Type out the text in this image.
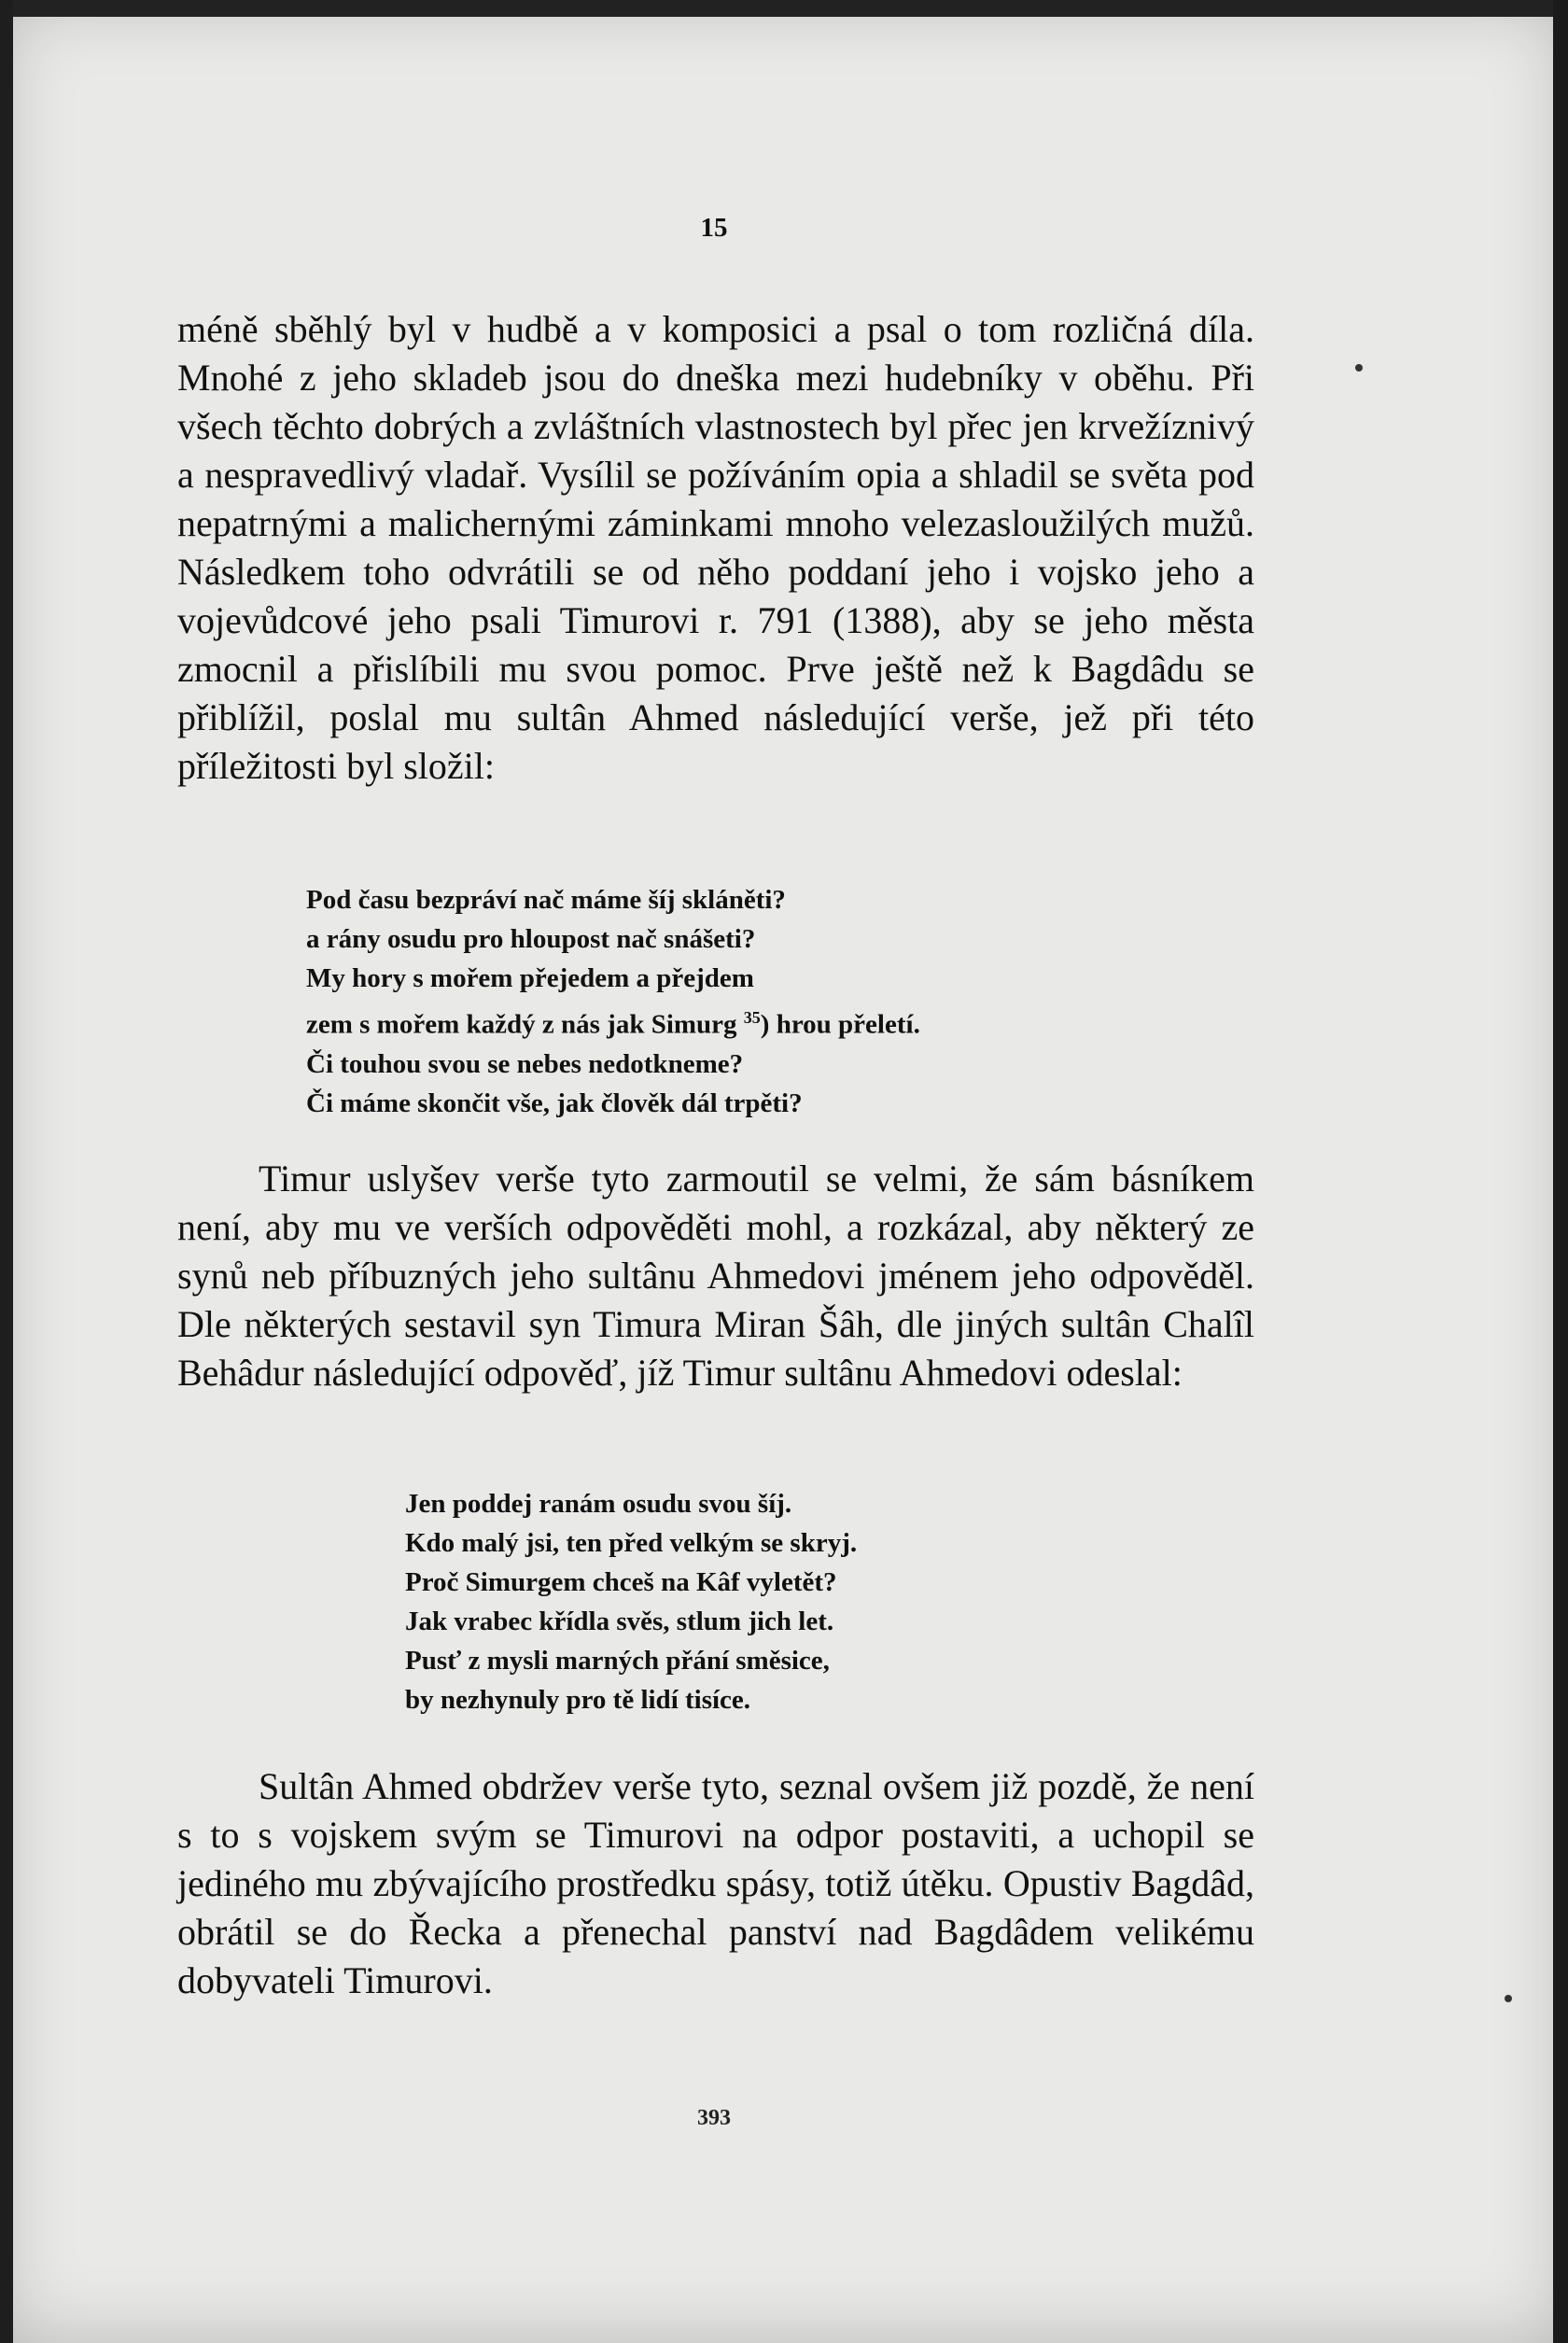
15

méně sběhlý byl v hudbě a v komposici a psal o tom rozličná díla. Mnohé z jeho skladeb jsou do dneška mezi hudebníky v oběhu. Při všech těchto dobrých a zvláštních vlastnostech byl přec jen krvežíznivý a nespravedlivý vladař. Vysílil se požíváním opia a shladil se světa pod nepatrnými a malichernými záminkami mnoho velezasloužilých mužů. Následkem toho odvrátili se od něho poddaní jeho i vojsko jeho a vojevůdcové jeho psali Timurovi r. 791 (1388), aby se jeho města zmocnil a přislíbili mu svou pomoc. Prve ještě než k Bagdâdu se přiblížil, poslal mu sultân Ahmed následující verše, jež při této příležitosti byl složil:

Pod času bezpráví nač máme šíj skláněti?
a rány osudu pro hloupost nač snášeti?
My hory s mořem přejedem a přejdem
zem s mořem každý z nás jak Simurg $^{35}$) hrou přeletí.
Či touhou svou se nebes nedotkneme?
Či máme skončit vše, jak člověk dál trpěti?

Timur uslyšev verše tyto zarmoutil se velmi, že sám básníkem není, aby mu ve verších odpověděti mohl, a rozkázal, aby některý ze synů neb příbuzných jeho sultânu Ahmedovi jménem jeho odpověděl. Dle některých sestavil syn Timura Miran Šâh, dle jiných sultân Chalîl Behâdur následující odpověď, jíž Timur sultânu Ahmedovi odeslal:

Jen poddej ranám osudu svou šíj.
Kdo malý jsi, ten před velkým se skryj.
Proč Simurgem chceš na Kâf vyletět?
Jak vrabec křídla svěs, stlum jich let.
Pusť z mysli marných přání směsice,
by nezhynuly pro tě lidí tisíce.

Sultân Ahmed obdržev verše tyto, seznal ovšem již pozdě, že není s to s vojskem svým se Timurovi na odpor postaviti, a uchopil se jediného mu zbývajícího prostředku spásy, totiž útěku. Opustiv Bagdâd, obrátil se do Řecka a přenechal panství nad Bagdâdem velikému dobyvateli Timurovi.

393
